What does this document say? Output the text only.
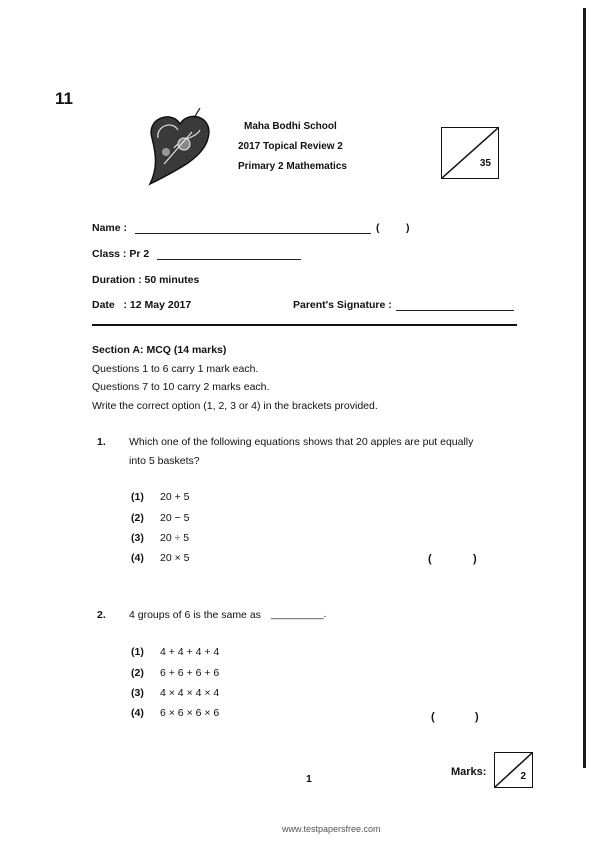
11
Maha Bodhi School
2017 Topical Review 2
Primary 2 Mathematics	35
Name :	(	)
Class : Pr 2
Duration : 50 minutes
Date   : 12 May 2017	Parent's Signature :
Section A: MCQ (14 marks)
Questions 1 to 6 carry 1 mark each.
Questions 7 to 10 carry 2 marks each.
Write the correct option (1, 2, 3 or 4) in the brackets provided.
1. Which one of the following equations shows that 20 apples are put equally
into 5 baskets?
(1) 20 + 5
(2) 20 − 5
(3) 20 ÷ 5
(4) 20 × 5	(	)
2. 4 groups of 6 is the same as _________.
(1) 4 + 4 + 4 + 4
(2) 6 + 6 + 6 + 6
(3) 4 × 4 × 4 × 4
(4) 6 × 6 × 6 × 6	(	)
1
Marks:	2
www.testpapersfree.com
